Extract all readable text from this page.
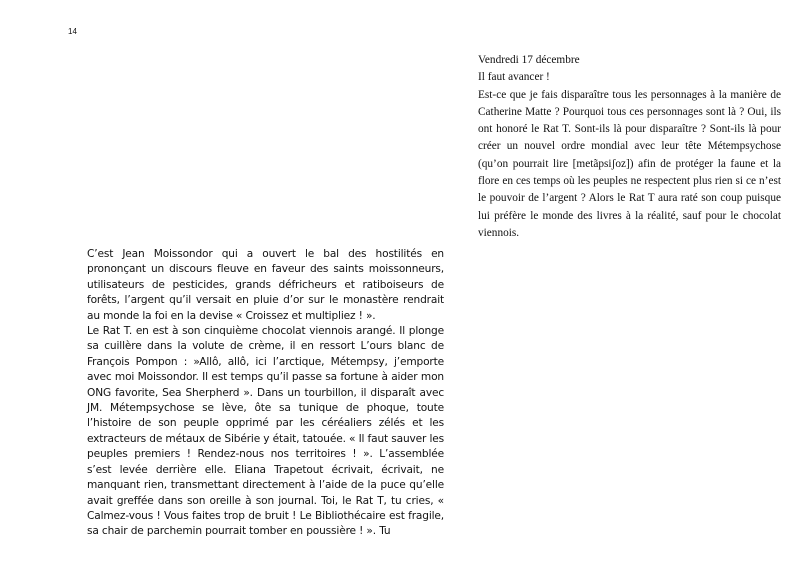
14

Vendredi 17 décembre

Il faut avancer !

Est-ce que je fais disparaître tous les personnages à la manière de Catherine Matte ? Pourquoi tous ces personnages sont là ? Oui, ils ont honoré le Rat T. Sont-ils là pour disparaître ? Sont-ils là pour créer un nouvel ordre mondial avec leur tête Métempsychose (qu’on pourrait lire [metãpsiʃoz]) afin de protéger la faune et la flore en ces temps où les peuples ne respectent plus rien si ce n’est le pouvoir de l’argent ? Alors le Rat T aura raté son coup puisque lui préfère le monde des livres à la réalité, sauf pour le chocolat viennois.

C’est Jean Moissondor qui a ouvert le bal des hostilités en prononçant un discours fleuve en faveur des saints moissonneurs, utilisateurs de pesticides, grands défricheurs et ratiboiseurs de forêts, l’argent qu’il versait en pluie d’or sur le monastère rendrait au monde la foi en la devise « Croissez et multipliez ! ».

Le Rat T. en est à son cinquième chocolat viennois arangé. Il plonge sa cuillère dans la volute de crème, il en ressort L’ours blanc de François Pompon : »Allô, allô, ici l’arctique, Métempsy, j’emporte avec moi Moissondor. Il est temps qu’il passe sa fortune à aider mon ONG favorite, Sea Sherpherd ». Dans un tourbillon, il disparaît avec JM. Métempsychose se lève, ôte sa tunique de phoque, toute l’histoire de son peuple opprimé par les céréaliers zélés et les extracteurs de métaux de Sibérie y était, tatouée. « Il faut sauver les peuples premiers ! Rendez-nous nos territoires ! ». L’assemblée s’est levée derrière elle. Eliana Trapetout écrivait, écrivait, ne manquant rien, transmettant directement à l’aide de la puce qu’elle avait greffée dans son oreille à son journal. Toi, le Rat T, tu cries, « Calmez-vous ! Vous faites trop de bruit ! Le Bibliothécaire est fragile, sa chair de parchemin pourrait tomber en poussière ! ». Tu
